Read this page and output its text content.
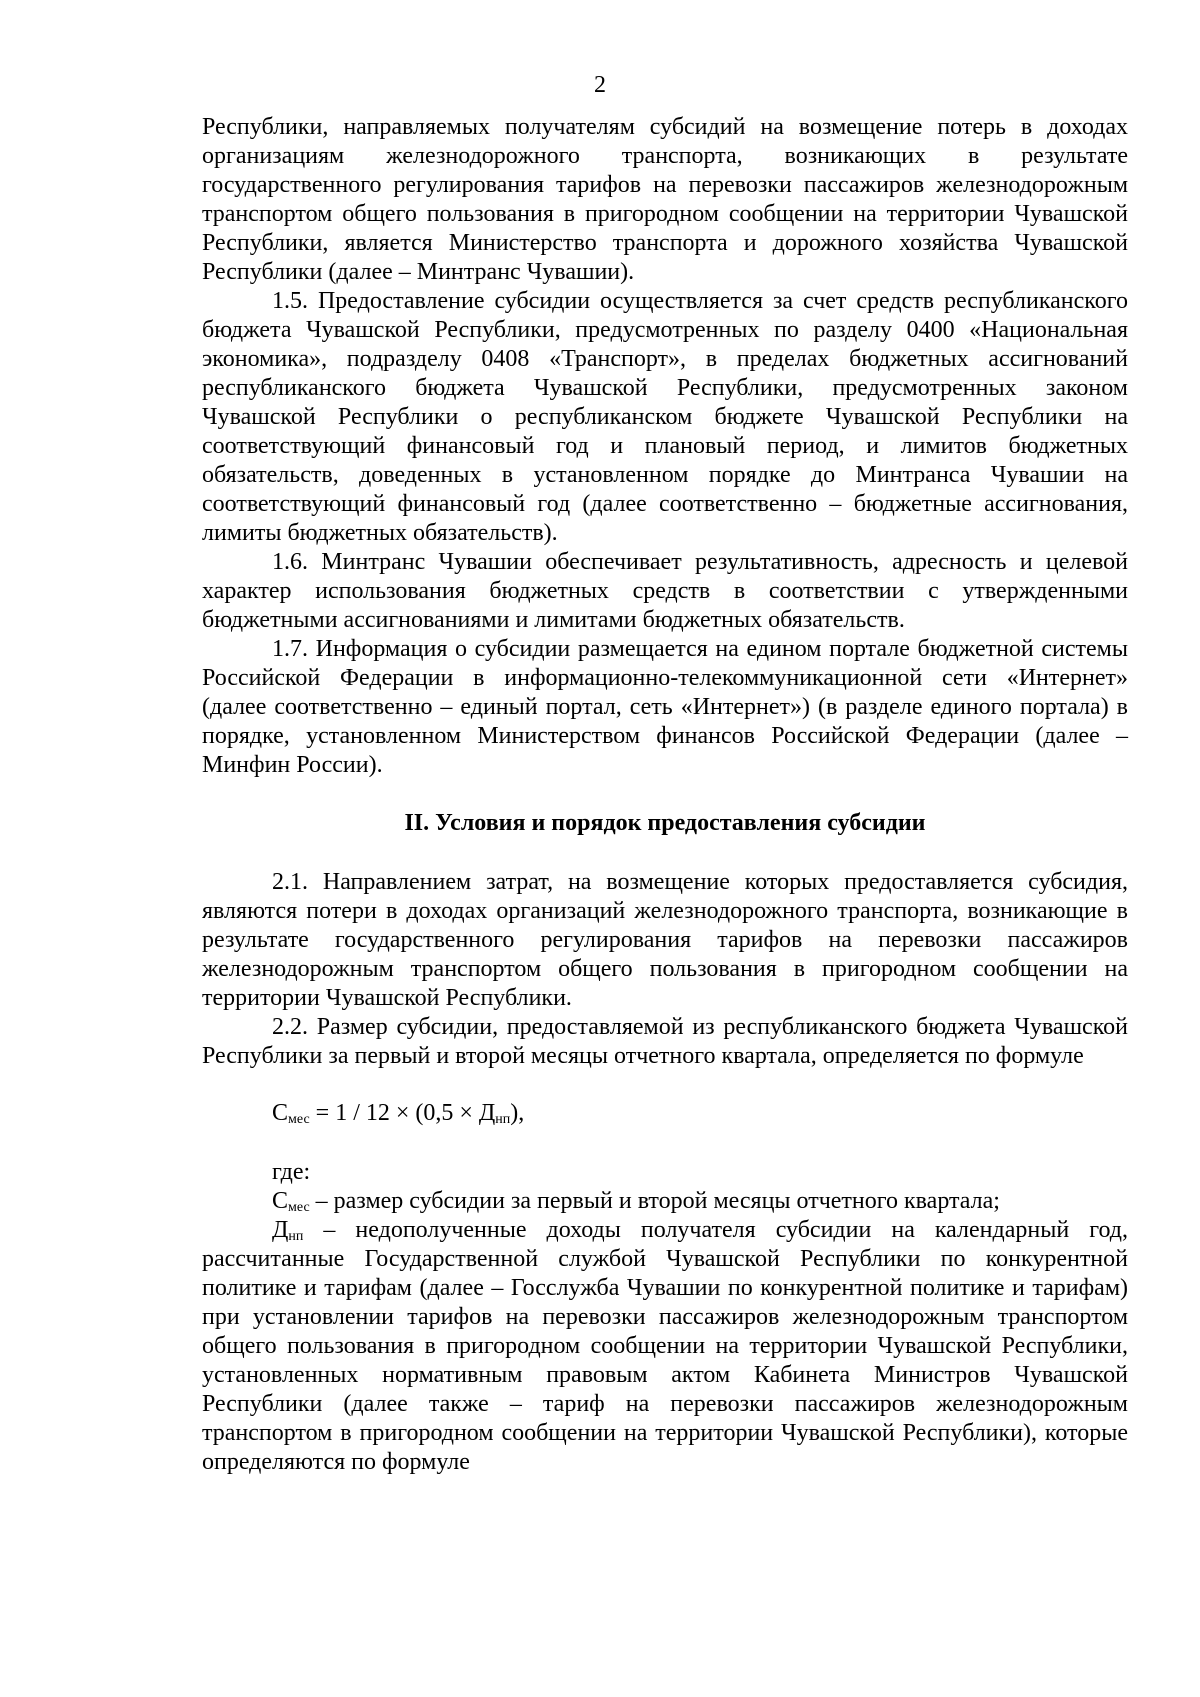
2

Республики, направляемых получателям субсидий на возмещение потерь в доходах организациям железнодорожного транспорта, возникающих в результате государственного регулирования тарифов на перевозки пассажиров железнодорожным транспортом общего пользования в пригородном сообщении на территории Чувашской Республики, является Министерство транспорта и дорожного хозяйства Чувашской Республики (далее – Минтранс Чувашии).

1.5. Предоставление субсидии осуществляется за счет средств республиканского бюджета Чувашской Республики, предусмотренных по разделу 0400 «Национальная экономика», подразделу 0408 «Транспорт», в пределах бюджетных ассигнований республиканского бюджета Чувашской Республики, предусмотренных законом Чувашской Республики о республиканском бюджете Чувашской Республики на соответствующий финансовый год и плановый период, и лимитов бюджетных обязательств, доведенных в установленном порядке до Минтранса Чувашии на соответствующий финансовый год (далее соответственно – бюджетные ассигнования, лимиты бюджетных обязательств).

1.6. Минтранс Чувашии обеспечивает результативность, адресность и целевой характер использования бюджетных средств в соответствии с утвержденными бюджетными ассигнованиями и лимитами бюджетных обязательств.

1.7. Информация о субсидии размещается на едином портале бюджетной системы Российской Федерации в информационно-телекоммуникационной сети «Интернет» (далее соответственно – единый портал, сеть «Интернет») (в разделе единого портала) в порядке, установленном Министерством финансов Российской Федерации (далее – Минфин России).

II. Условия и порядок предоставления субсидии

2.1. Направлением затрат, на возмещение которых предоставляется субсидия, являются потери в доходах организаций железнодорожного транспорта, возникающие в результате государственного регулирования тарифов на перевозки пассажиров железнодорожным транспортом общего пользования в пригородном сообщении на территории Чувашской Республики.

2.2. Размер субсидии, предоставляемой из республиканского бюджета Чувашской Республики за первый и второй месяцы отчетного квартала, определяется по формуле

$С_{мес} = 1 / 12 \times (0,5 \times Д_{нп})$,

где:

$С_{мес}$ – размер субсидии за первый и второй месяцы отчетного квартала;

$Д_{нп}$ – недополученные доходы получателя субсидии на календарный год, рассчитанные Государственной службой Чувашской Республики по конкурентной политике и тарифам (далее – Госслужба Чувашии по конкурентной политике и тарифам) при установлении тарифов на перевозки пассажиров железнодорожным транспортом общего пользования в пригородном сообщении на территории Чувашской Республики, установленных нормативным правовым актом Кабинета Министров Чувашской Республики (далее также – тариф на перевозки пассажиров железнодорожным транспортом в пригородном сообщении на территории Чувашской Республики), которые определяются по формуле
